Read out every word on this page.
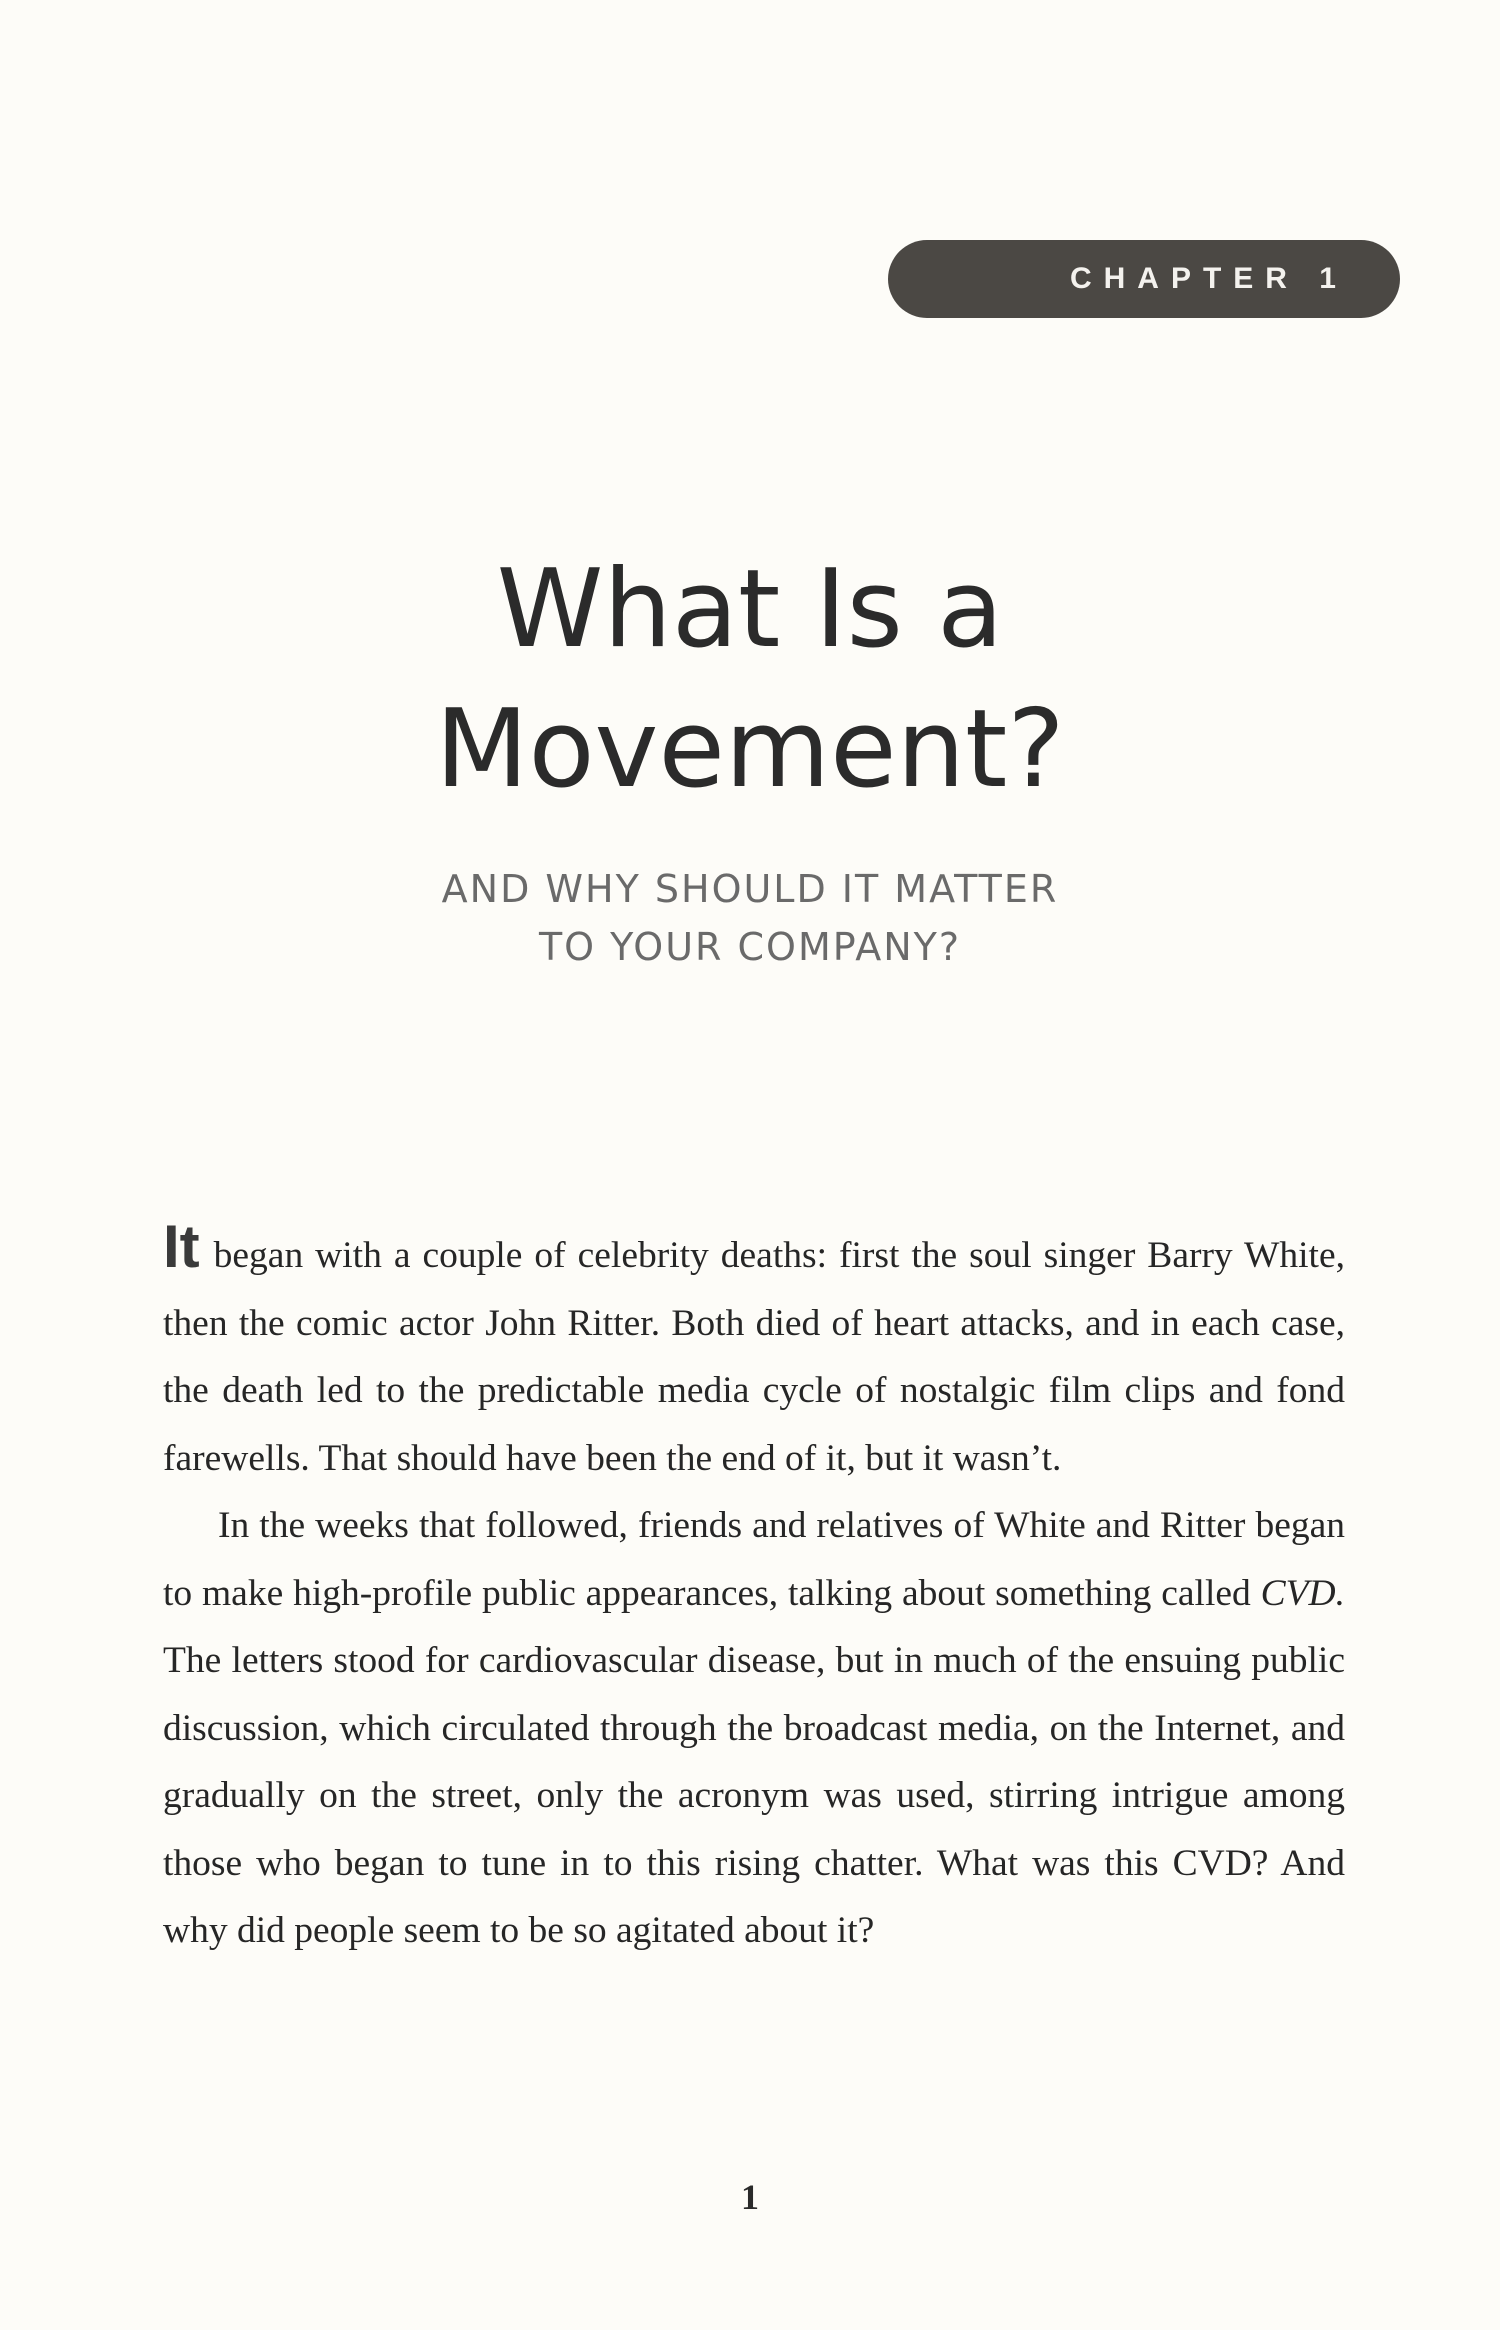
CHAPTER 1
What Is a
Movement?
AND WHY SHOULD IT MATTER
TO YOUR COMPANY?

It began with a couple of celebrity deaths: first the soul singer Barry White, then the comic actor John Ritter. Both died of heart attacks, and in each case, the death led to the predictable media cycle of nostalgic film clips and fond farewells. That should have been the end of it, but it wasn’t.

In the weeks that followed, friends and relatives of White and Ritter began to make high-profile public appearances, talking about something called CVD. The letters stood for cardiovascular disease, but in much of the ensuing public discussion, which circulated through the broadcast media, on the Internet, and gradually on the street, only the acronym was used, stirring intrigue among those who began to tune in to this rising chatter. What was this CVD? And why did people seem to be so agitated about it?

1
